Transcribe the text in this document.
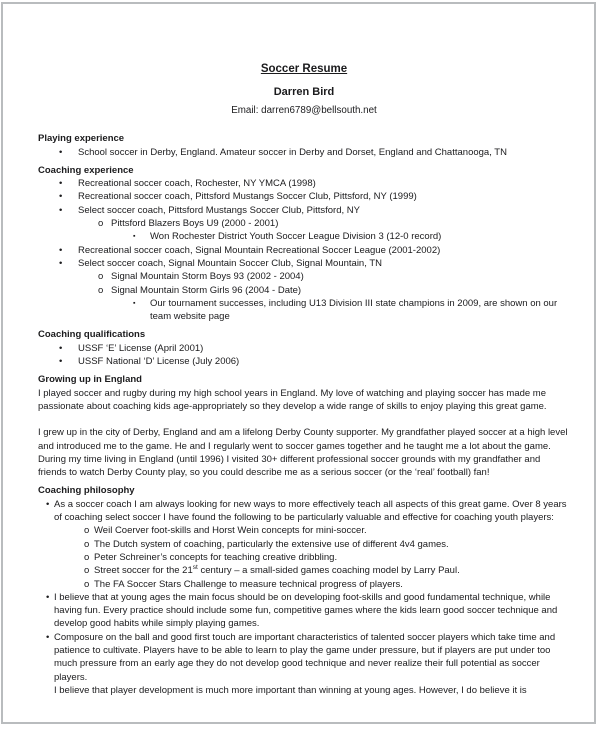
Soccer Resume
Darren Bird
Email: darren6789@bellsouth.net
Playing experience
•	School soccer in Derby, England. Amateur soccer in Derby and Dorset, England and Chattanooga, TN
Coaching experience
•	Recreational soccer coach, Rochester, NY YMCA (1998)
•	Recreational soccer coach, Pittsford Mustangs Soccer Club, Pittsford, NY (1999)
•	Select soccer coach, Pittsford Mustangs Soccer Club, Pittsford, NY
o Pittsford Blazers Boys U9 (2000 - 2001)
▪	Won Rochester District Youth Soccer League Division 3 (12-0 record)
•	Recreational soccer coach, Signal Mountain Recreational Soccer League (2001-2002)
•	Select soccer coach, Signal Mountain Soccer Club, Signal Mountain, TN
o Signal Mountain Storm Boys 93 (2002 - 2004)
o Signal Mountain Storm Girls 96 (2004 - Date)
▪	Our tournament successes, including U13 Division III state champions in 2009, are shown on our team website page
Coaching qualifications
•	USSF ‘E’ License (April 2001)
•	USSF National ‘D’ License (July 2006)
Growing up in England

I played soccer and rugby during my high school years in England. My love of watching and playing soccer has made me passionate about coaching kids age-appropriately so they develop a wide range of skills to enjoy playing this great game.

I grew up in the city of Derby, England and am a lifelong Derby County supporter. My grandfather played soccer at a high level and introduced me to the game. He and I regularly went to soccer games together and he taught me a lot about the game. During my time living in England (until 1996) I visited 30+ different professional soccer grounds with my grandfather and friends to watch Derby County play, so you could describe me as a serious soccer (or the ‘real’ football) fan!

Coaching philosophy
• As a soccer coach I am always looking for new ways to more effectively teach all aspects of this great game. Over 8 years of coaching select soccer I have found the following to be particularly valuable and effective for coaching youth players:
o Weil Coerver foot-skills and Horst Wein concepts for mini-soccer.
o The Dutch system of coaching, particularly the extensive use of different 4v4 games.
o Peter Schreiner’s concepts for teaching creative dribbling.
o Street soccer for the 21st century – a small-sided games coaching model by Larry Paul.
o The FA Soccer Stars Challenge to measure technical progress of players.
• I believe that at young ages the main focus should be on developing foot-skills and good fundamental technique, while having fun. Every practice should include some fun, competitive games where the kids learn good soccer technique and develop good habits while simply playing games.
• Composure on the ball and good first touch are important characteristics of talented soccer players which take time and patience to cultivate. Players have to be able to learn to play the game under pressure, but if players are put under too much pressure from an early age they do not develop good technique and never realize their full potential as soccer players.
I believe that player development is much more important than winning at young ages. However, I do believe it is
